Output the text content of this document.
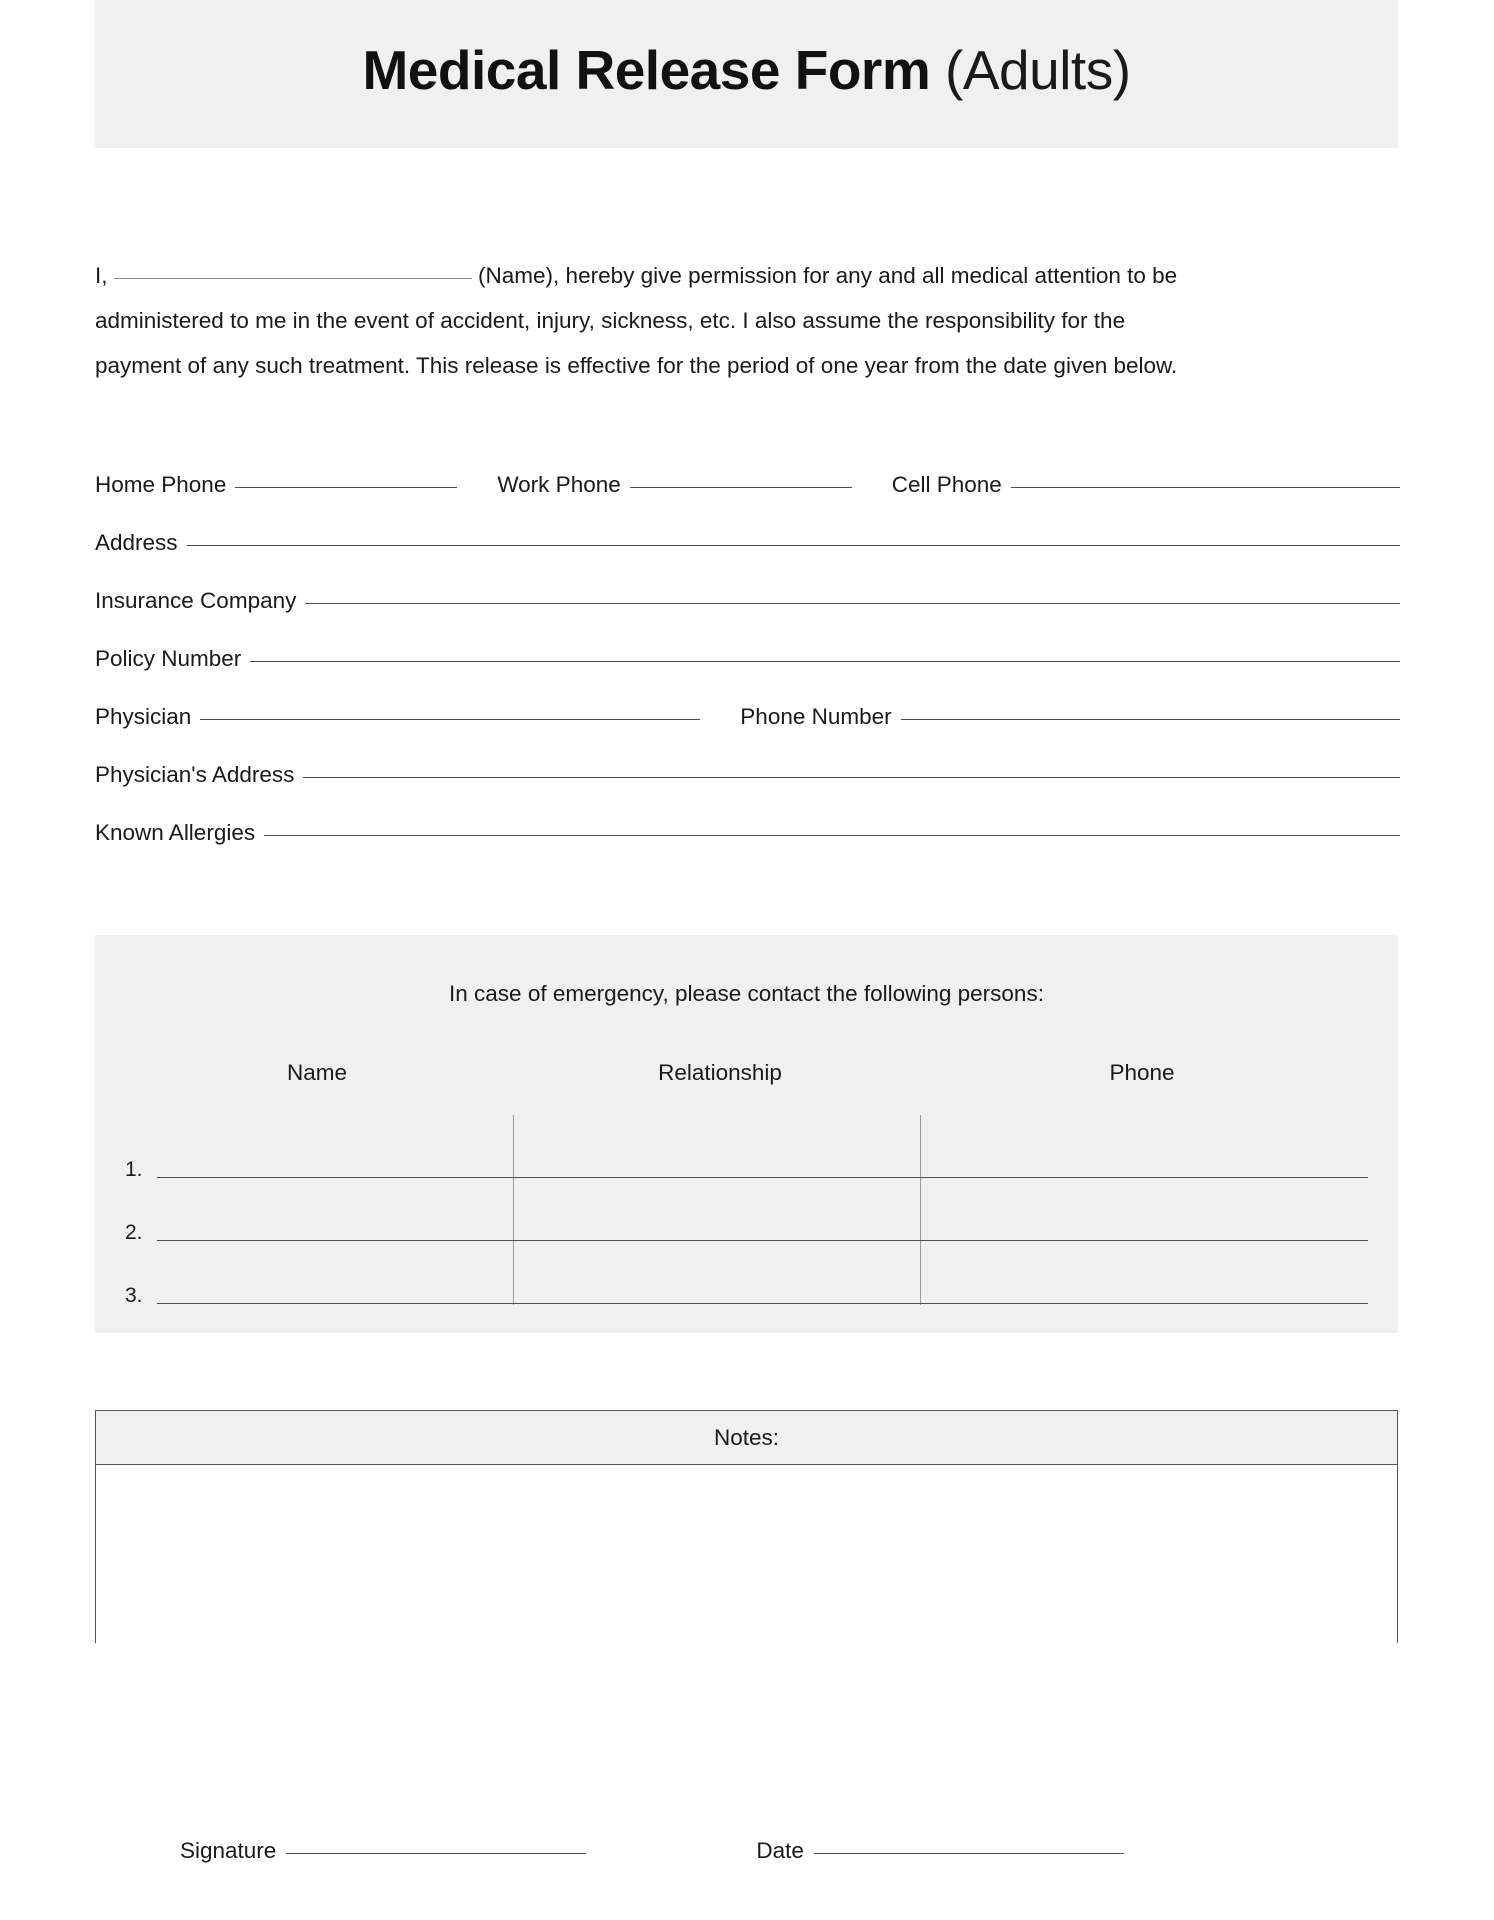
Medical Release Form (Adults)
I,	(Name), hereby give permission for any and all medical attention to be
administered to me in the event of accident, injury, sickness, etc. I also assume the responsibility for the
payment of any such treatment. This release is effective for the period of one year from the date given below.
Home Phone	Work Phone	Cell Phone
Address
Insurance Company
Policy Number
Physician	Phone Number
Physician's Address
Known Allergies
In case of emergency, please contact the following persons:
Name	Relationship	Phone
1.
2.
3.
Notes:
Signature	Date
